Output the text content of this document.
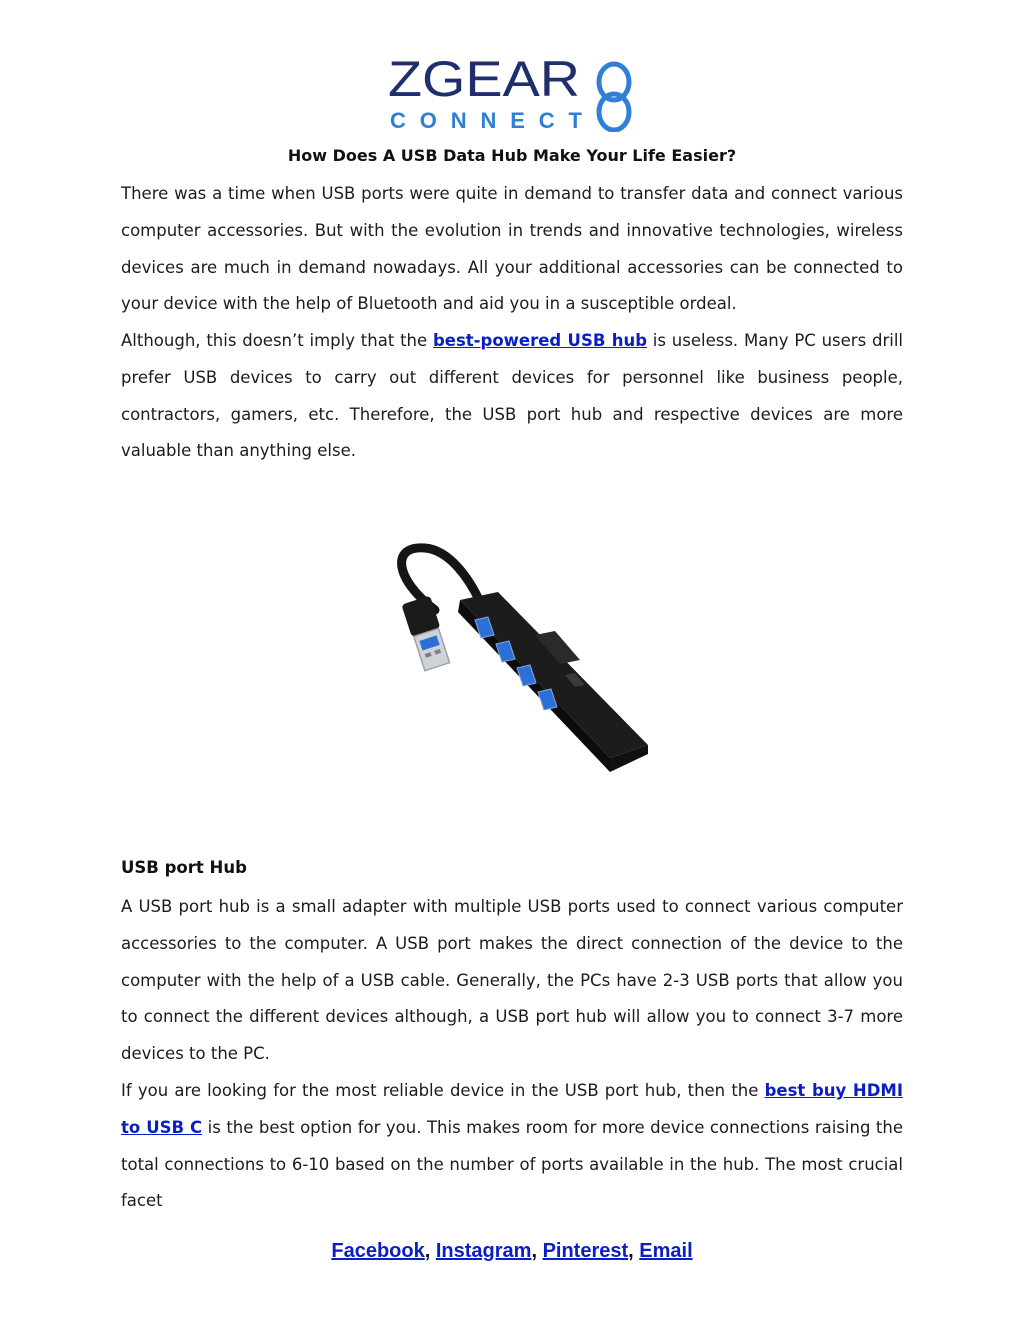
ZGEAR
CONNECT
How Does A USB Data Hub Make Your Life Easier?
There was a time when USB ports were quite in demand to transfer data and connect various computer accessories. But with the evolution in trends and innovative technologies, wireless devices are much in demand nowadays. All your additional accessories can be connected to your device with the help of Bluetooth and aid you in a susceptible ordeal.
Although, this doesn’t imply that the best-powered USB hub is useless. Many PC users drill prefer USB devices to carry out different devices for personnel like business people, contractors, gamers, etc. Therefore, the USB port hub and respective devices are more valuable than anything else.
USB port Hub
A USB port hub is a small adapter with multiple USB ports used to connect various computer accessories to the computer. A USB port makes the direct connection of the device to the computer with the help of a USB cable. Generally, the PCs have 2-3 USB ports that allow you to connect the different devices although, a USB port hub will allow you to connect 3-7 more devices to the PC.
If you are looking for the most reliable device in the USB port hub, then the best buy HDMI to USB C is the best option for you. This makes room for more device connections raising the total connections to 6-10 based on the number of ports available in the hub. The most crucial facet
Facebook, Instagram, Pinterest, Email
